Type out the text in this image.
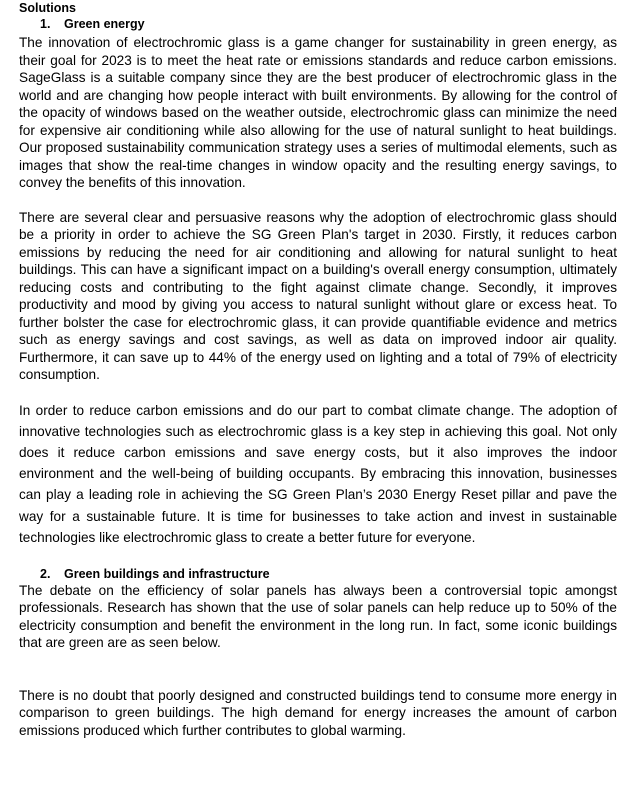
Solutions

1. Green energy

The innovation of electrochromic glass is a game changer for sustainability in green energy, as their goal for 2023 is to meet the heat rate or emissions standards and reduce carbon emissions. SageGlass is a suitable company since they are the best producer of electrochromic glass in the world and are changing how people interact with built environments. By allowing for the control of the opacity of windows based on the weather outside, electrochromic glass can minimize the need for expensive air conditioning while also allowing for the use of natural sunlight to heat buildings. Our proposed sustainability communication strategy uses a series of multimodal elements, such as images that show the real-time changes in window opacity and the resulting energy savings, to convey the benefits of this innovation.

There are several clear and persuasive reasons why the adoption of electrochromic glass should be a priority in order to achieve the SG Green Plan's target in 2030. Firstly, it reduces carbon emissions by reducing the need for air conditioning and allowing for natural sunlight to heat buildings. This can have a significant impact on a building's overall energy consumption, ultimately reducing costs and contributing to the fight against climate change. Secondly, it improves productivity and mood by giving you access to natural sunlight without glare or excess heat. To further bolster the case for electrochromic glass, it can provide quantifiable evidence and metrics such as energy savings and cost savings, as well as data on improved indoor air quality. Furthermore, it can save up to 44% of the energy used on lighting and a total of 79% of electricity consumption.

In order to reduce carbon emissions and do our part to combat climate change. The adoption of innovative technologies such as electrochromic glass is a key step in achieving this goal. Not only does it reduce carbon emissions and save energy costs, but it also improves the indoor environment and the well-being of building occupants. By embracing this innovation, businesses can play a leading role in achieving the SG Green Plan’s 2030 Energy Reset pillar and pave the way for a sustainable future. It is time for businesses to take action and invest in sustainable technologies like electrochromic glass to create a better future for everyone.

2. Green buildings and infrastructure

The debate on the efficiency of solar panels has always been a controversial topic amongst professionals. Research has shown that the use of solar panels can help reduce up to 50% of the electricity consumption and benefit the environment in the long run. In fact, some iconic buildings that are green are as seen below.

There is no doubt that poorly designed and constructed buildings tend to consume more energy in comparison to green buildings. The high demand for energy increases the amount of carbon emissions produced which further contributes to global warming.
